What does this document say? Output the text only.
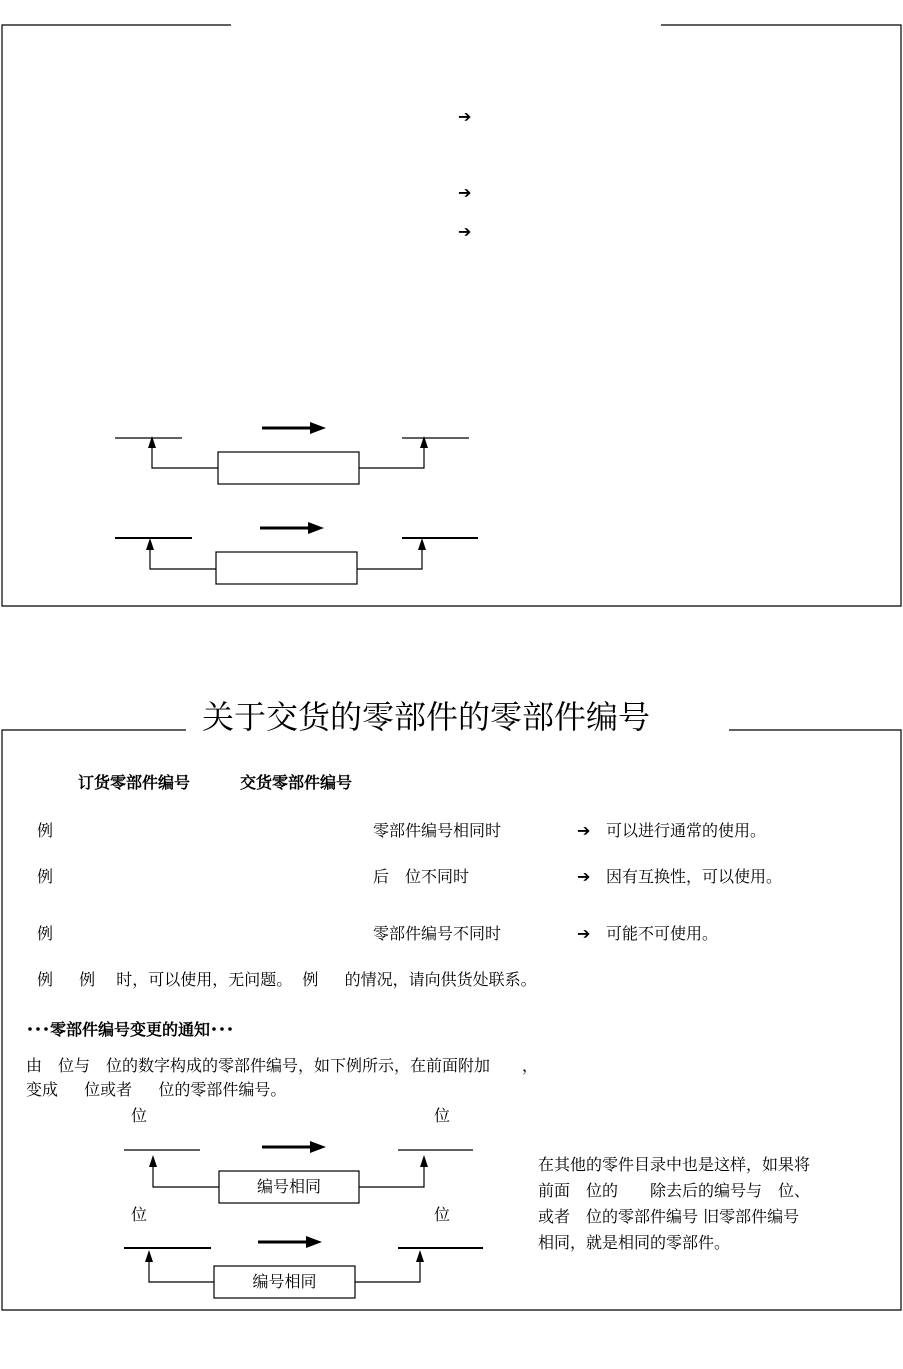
➔
➔
➔
关于交货的零部件的零部件编号
订货零部件编号	交货零部件编号
例	零部件编号相同时	➔ 可以进行通常的使用。
例	后　位不同时	➔ 因有互换性，可以使用。
例	零部件编号不同时	➔ 可能不可使用。
例　  例　 时，可以使用，无问题。  例　  的情况，请向供货处联系。
･･･零部件编号变更的通知･･･
由　位与　位的数字构成的零部件编号，如下例所示，在前面附加　　，
变成　  位或者　  位的零部件编号。
位	位
位	位
编号相同
编号相同
在其他的零件目录中也是这样，如果将
前面　位的　　除去后的编号与　位、
或者　位的零部件编号 旧零部件编号
相同，就是相同的零部件。
